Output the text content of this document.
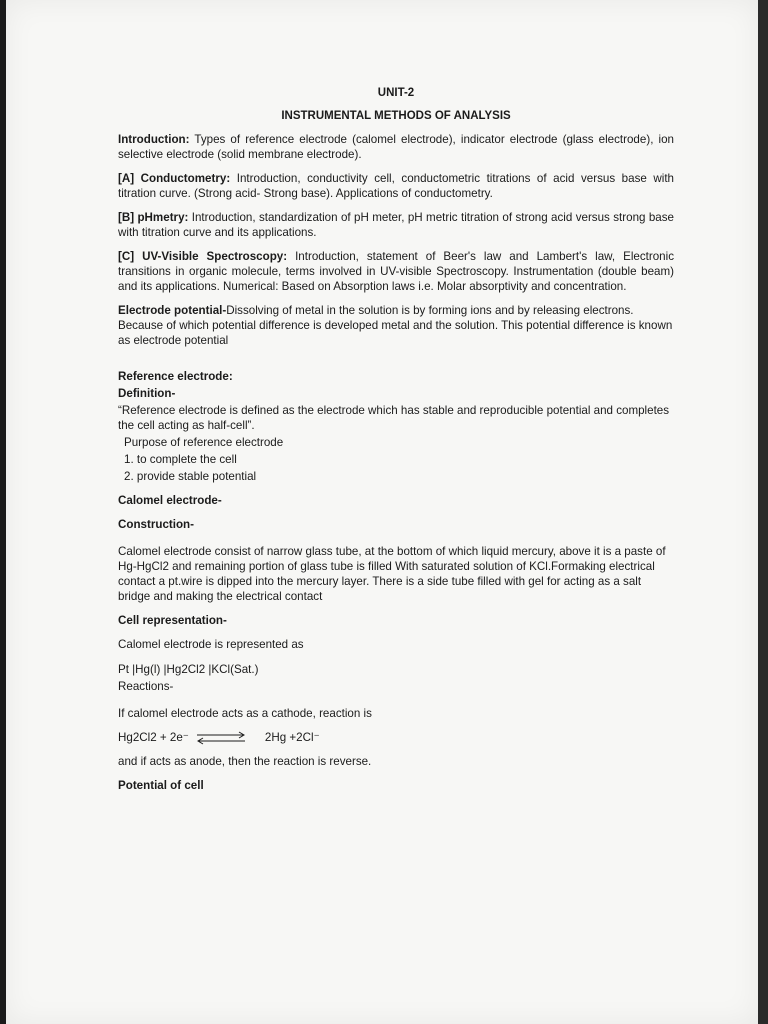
UNIT-2
INSTRUMENTAL METHODS OF ANALYSIS

Introduction: Types of reference electrode (calomel electrode), indicator electrode (glass electrode), ion selective electrode (solid membrane electrode).

[A] Conductometry: Introduction, conductivity cell, conductometric titrations of acid versus base with titration curve. (Strong acid- Strong base). Applications of conductometry.

[B] pHmetry: Introduction, standardization of pH meter, pH metric titration of strong acid versus strong base with titration curve and its applications.

[C] UV-Visible Spectroscopy: Introduction, statement of Beer's law and Lambert's law, Electronic transitions in organic molecule, terms involved in UV-visible Spectroscopy. Instrumentation (double beam) and its applications. Numerical: Based on Absorption laws i.e. Molar absorptivity and concentration.

Electrode potential-Dissolving of metal in the solution is by forming ions and by releasing electrons. Because of which potential difference is developed metal and the solution. This potential difference is known as electrode potential

Reference electrode:
Definition-
“Reference electrode is defined as the electrode which has stable and reproducible potential and completes the cell acting as half-cell”.
Purpose of reference electrode
1. to complete the cell
2. provide stable potential
Calomel electrode-
Construction-

Calomel electrode consist of narrow glass tube, at the bottom of which liquid mercury, above it is a paste of Hg-HgCl2 and remaining portion of glass tube is filled With saturated solution of KCl.Formaking electrical contact a pt.wire is dipped into the mercury layer. There is a side tube filled with gel for acting as a salt bridge and making the electrical contact

Cell representation-

Calomel electrode is represented as

Pt |Hg(l) |Hg2Cl2 |KCl(Sat.)

Reactions-

If calomel electrode acts as a cathode, reaction is

Hg2Cl2 + 2e⁻	2Hg +2Cl⁻

and if acts as anode, then the reaction is reverse.

Potential of cell
